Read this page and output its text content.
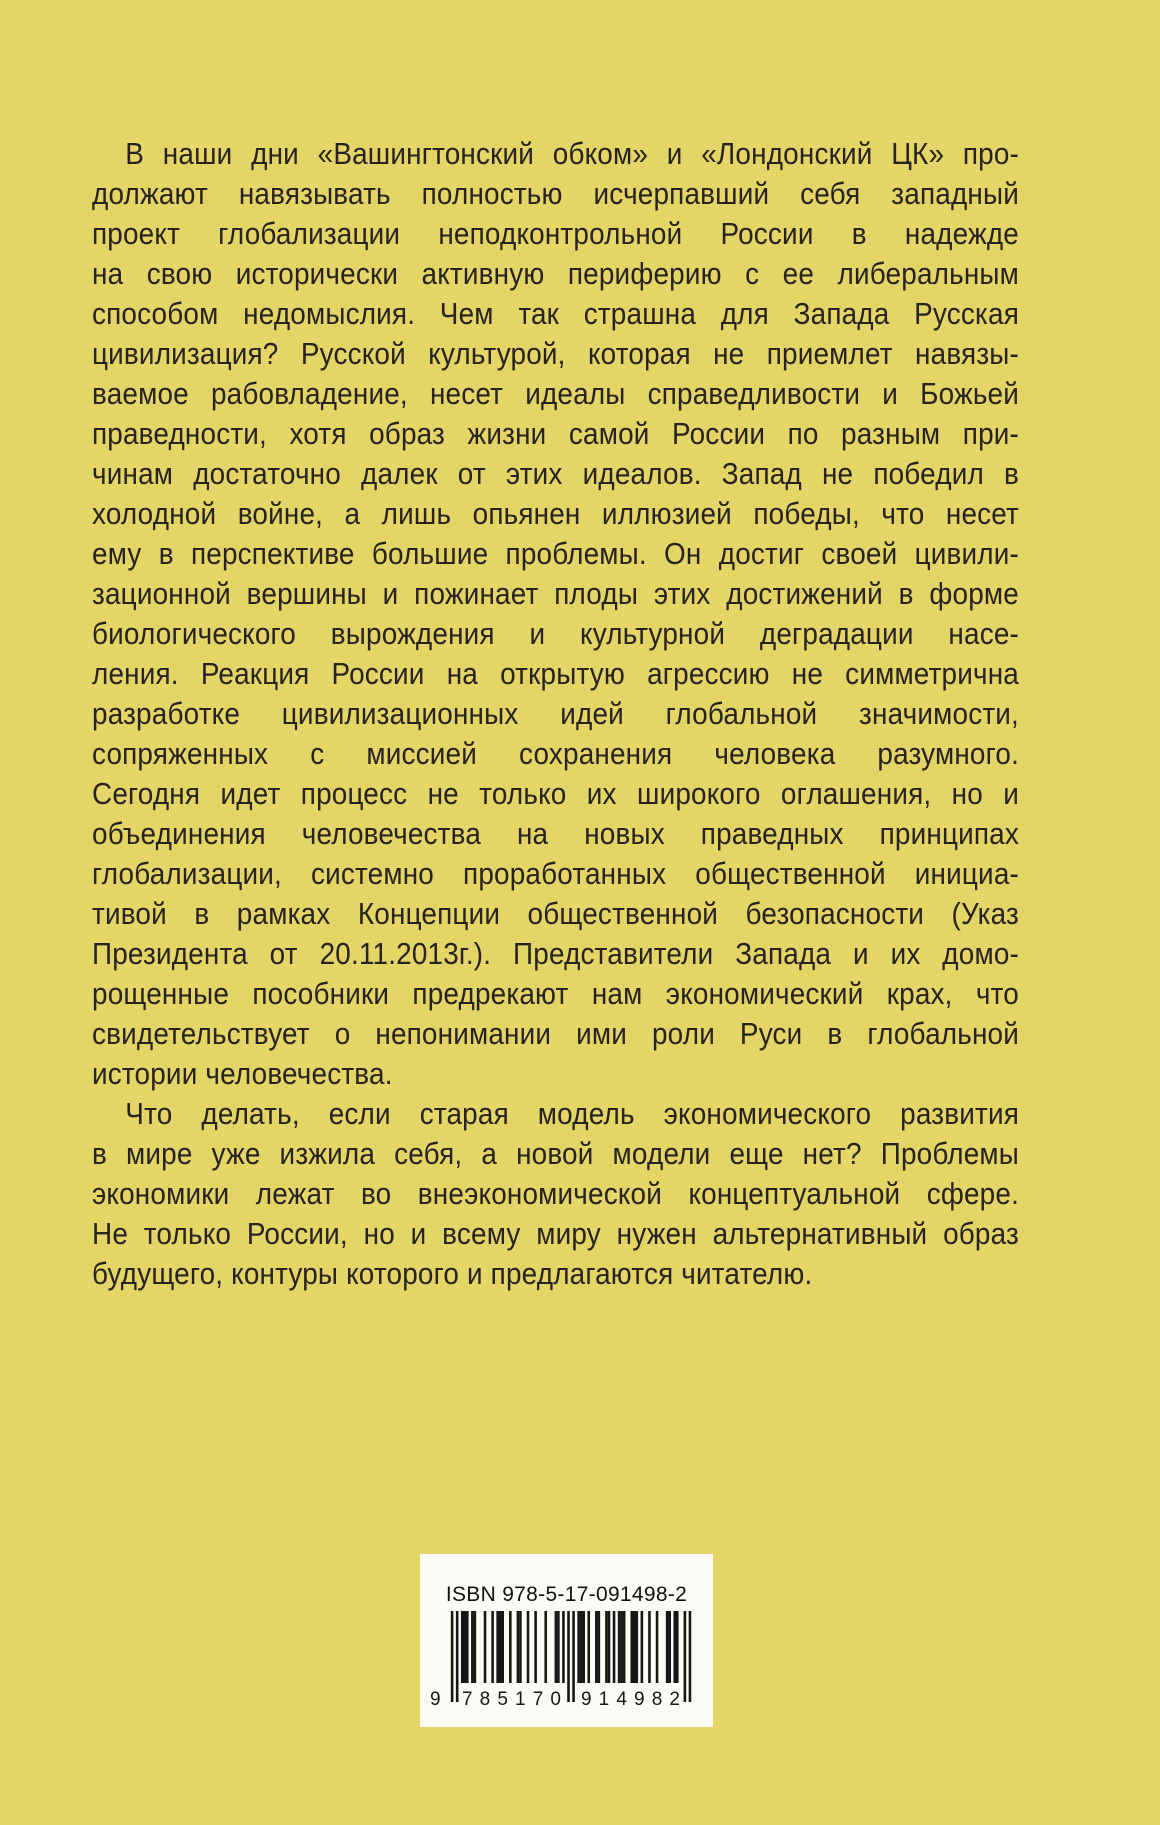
В наши дни «Вашингтонский обком» и «Лондонский ЦК» про-
должают навязывать полностью исчерпавший себя западный
проект глобализации неподконтрольной России в надежде
на свою исторически активную периферию с ее либеральным
способом недомыслия. Чем так страшна для Запада Русская
цивилизация? Русской культурой, которая не приемлет навязы-
ваемое рабовладение, несет идеалы справедливости и Божьей
праведности, хотя образ жизни самой России по разным при-
чинам достаточно далек от этих идеалов. Запад не победил в
холодной войне, а лишь опьянен иллюзией победы, что несет
ему в перспективе большие проблемы. Он достиг своей цивили-
зационной вершины и пожинает плоды этих достижений в форме
биологического вырождения и культурной деградации насе-
ления. Реакция России на открытую агрессию не симметрична
разработке цивилизационных идей глобальной значимости,
сопряженных с миссией сохранения человека разумного.
Сегодня идет процесс не только их широкого оглашения, но и
объединения человечества на новых праведных принципах
глобализации, системно проработанных общественной инициа-
тивой в рамках Концепции общественной безопасности (Указ
Президента от 20.11.2013г.). Представители Запада и их домо-
рощенные пособники предрекают нам экономический крах, что
свидетельствует о непонимании ими роли Руси в глобальной
истории человечества.
Что делать, если старая модель экономического развития
в мире уже изжила себя, а новой модели еще нет? Проблемы
экономики лежат во внеэкономической концептуальной сфере.
Не только России, но и всему миру нужен альтернативный образ
будущего, контуры которого и предлагаются читателю.
ISBN 978-5-17-091498-2
9 785170 914982
